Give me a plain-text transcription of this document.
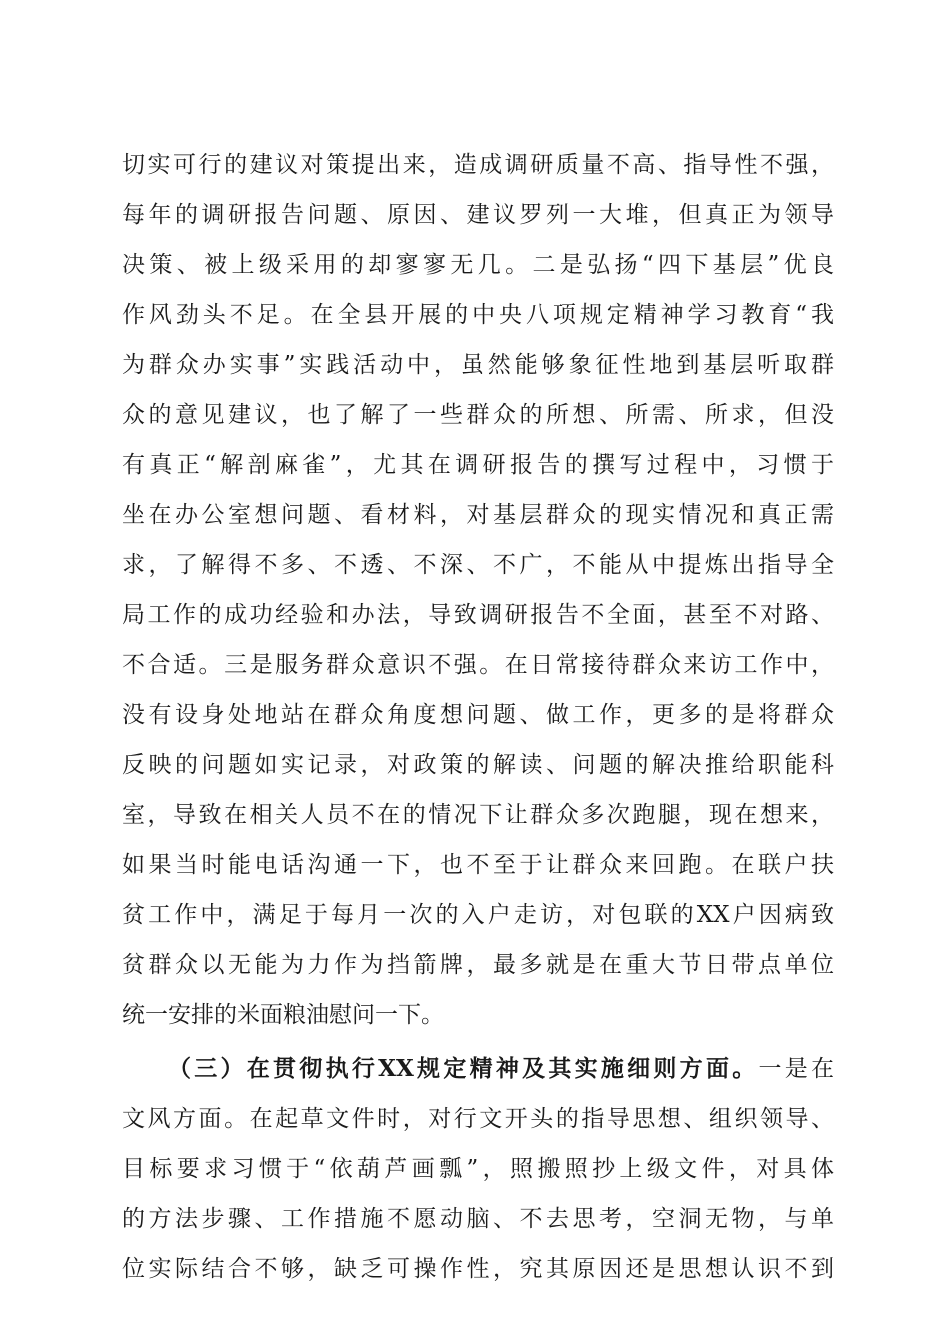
切实可行的建议对策提出来，造成调研质量不高、指导性不强，
每年的调研报告问题、原因、建议罗列一大堆，但真正为领导
决策、被上级采用的却寥寥无几。二是弘扬“四下基层”优良
作风劲头不足。在全县开展的中央八项规定精神学习教育“我
为群众办实事”实践活动中，虽然能够象征性地到基层听取群
众的意见建议，也了解了一些群众的所想、所需、所求，但没
有真正“解剖麻雀”，尤其在调研报告的撰写过程中，习惯于
坐在办公室想问题、看材料，对基层群众的现实情况和真正需
求，了解得不多、不透、不深、不广，不能从中提炼出指导全
局工作的成功经验和办法，导致调研报告不全面，甚至不对路、
不合适。三是服务群众意识不强。在日常接待群众来访工作中，
没有设身处地站在群众角度想问题、做工作，更多的是将群众
反映的问题如实记录，对政策的解读、问题的解决推给职能科
室，导致在相关人员不在的情况下让群众多次跑腿，现在想来，
如果当时能电话沟通一下，也不至于让群众来回跑。在联户扶
贫工作中，满足于每月一次的入户走访，对包联的XX户因病致
贫群众以无能为力作为挡箭牌，最多就是在重大节日带点单位
统一安排的米面粮油慰问一下。
（三）在贯彻执行XX规定精神及其实施细则方面。一是在
文风方面。在起草文件时，对行文开头的指导思想、组织领导、
目标要求习惯于“依葫芦画瓢”，照搬照抄上级文件，对具体
的方法步骤、工作措施不愿动脑、不去思考，空洞无物，与单
位实际结合不够，缺乏可操作性，究其原因还是思想认识不到
